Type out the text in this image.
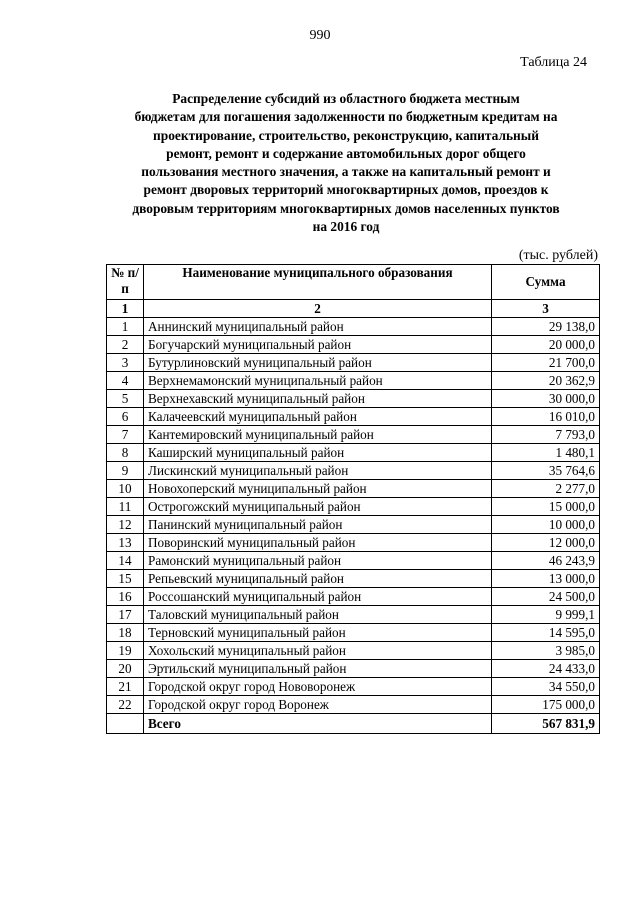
990
Таблица 24
Распределение субсидий из областного бюджета местным
бюджетам для погашения задолженности по бюджетным кредитам на
проектирование, строительство, реконструкцию, капитальный
ремонт, ремонт и содержание автомобильных дорог общего
пользования местного значения, а также на капитальный ремонт и
ремонт дворовых территорий многоквартирных домов, проездов к
дворовым территориям многоквартирных домов населенных пунктов
на 2016 год
(тыс. рублей)
№ п/п	Наименование муниципального образования	Сумма
1	2	3
1	Аннинский муниципальный район	29 138,0
2	Богучарский муниципальный район	20 000,0
3	Бутурлиновский муниципальный район	21 700,0
4	Верхнемамонский муниципальный район	20 362,9
5	Верхнехавский муниципальный район	30 000,0
6	Калачеевский муниципальный район	16 010,0
7	Кантемировский муниципальный район	7 793,0
8	Каширский муниципальный район	1 480,1
9	Лискинский муниципальный район	35 764,6
10	Новохоперский муниципальный район	2 277,0
11	Острогожский муниципальный район	15 000,0
12	Панинский муниципальный район	10 000,0
13	Поворинский муниципальный район	12 000,0
14	Рамонский муниципальный район	46 243,9
15	Репьевский муниципальный район	13 000,0
16	Россошанский муниципальный район	24 500,0
17	Таловский муниципальный район	9 999,1
18	Терновский муниципальный район	14 595,0
19	Хохольский муниципальный район	3 985,0
20	Эртильский муниципальный район	24 433,0
21	Городской округ город Нововоронеж	34 550,0
22	Городской округ город Воронеж	175 000,0
	Всего	567 831,9
